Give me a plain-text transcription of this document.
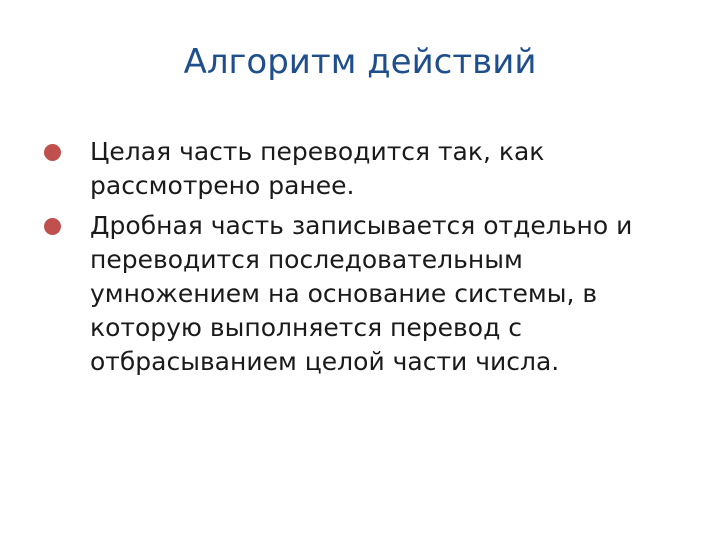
Алгоритм действий
Целая часть переводится так, как рассмотрено ранее.
Дробная часть записывается отдельно и переводится последовательным умножением на основание системы, в которую выполняется перевод с отбрасыванием целой части числа.
